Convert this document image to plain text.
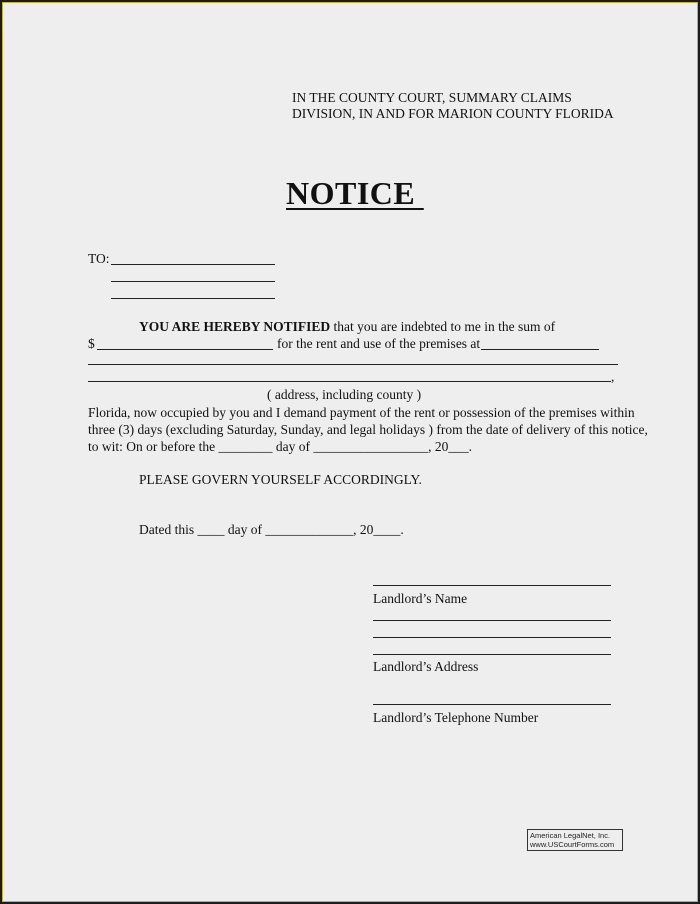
IN THE COUNTY COURT, SUMMARY CLAIMS
DIVISION, IN AND FOR MARION COUNTY FLORIDA
NOTICE
TO:
YOU ARE HEREBY NOTIFIED that you are indebted to me in the sum of
$	for the rent and use of the premises at
,
( address, including county )
Florida, now occupied by you and I demand payment of the rent or possession of the premises within
three (3) days (excluding Saturday, Sunday, and legal holidays ) from the date of delivery of this notice,
to wit: On or before the ________ day of _________________, 20___.
PLEASE GOVERN YOURSELF ACCORDINGLY.
Dated this ____ day of _____________, 20____.
Landlord’s Name
Landlord’s Address
Landlord’s Telephone Number
American LegalNet, Inc.
www.USCourtForms.com
